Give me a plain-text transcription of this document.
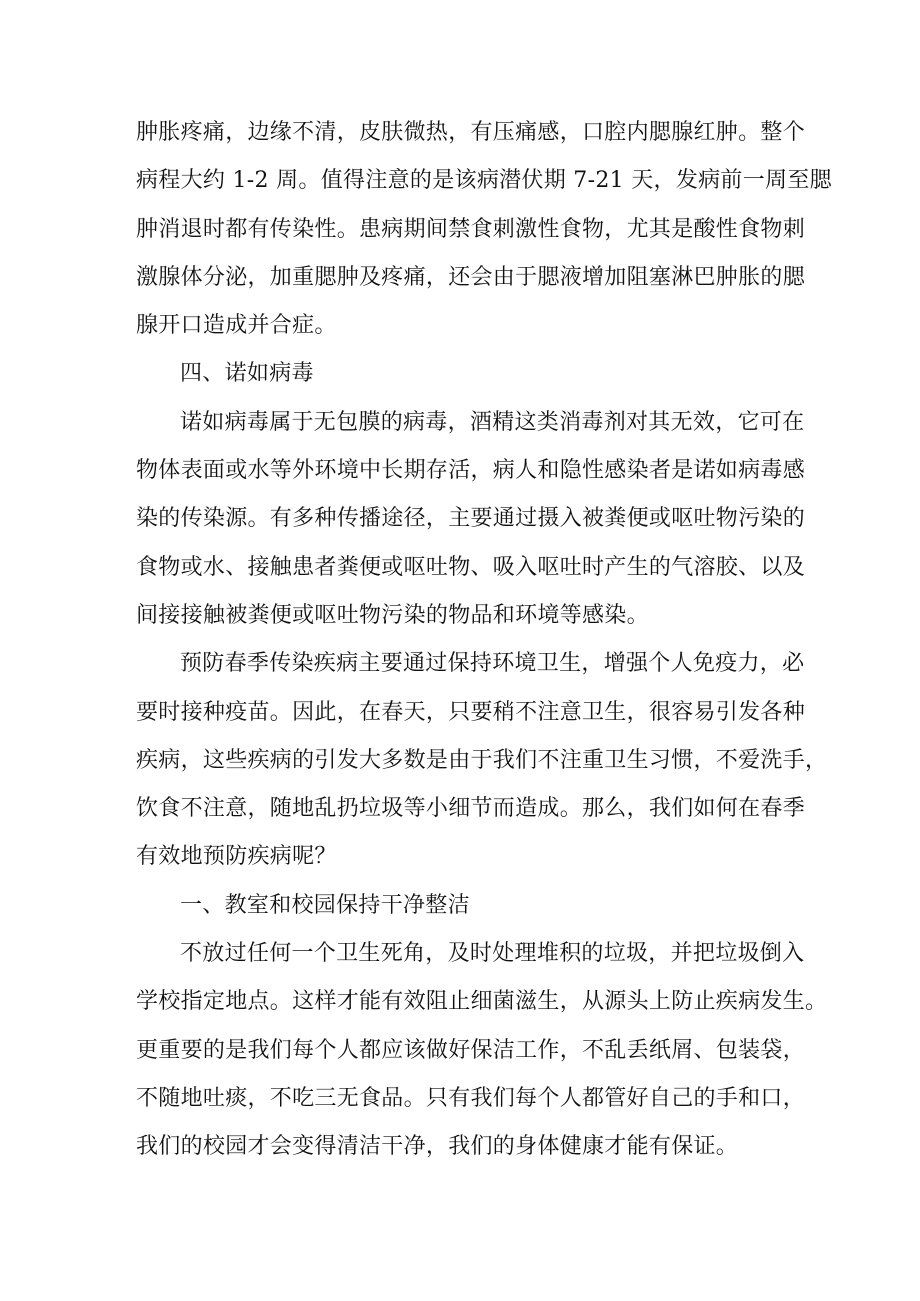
肿胀疼痛，边缘不清，皮肤微热，有压痛感，口腔内腮腺红肿。整个
病程大约 1-2 周。值得注意的是该病潜伏期 7-21 天，发病前一周至腮
肿消退时都有传染性。患病期间禁食刺激性食物，尤其是酸性食物刺
激腺体分泌，加重腮肿及疼痛，还会由于腮液增加阻塞淋巴肿胀的腮
腺开口造成并合症。
四、诺如病毒
诺如病毒属于无包膜的病毒，酒精这类消毒剂对其无效，它可在
物体表面或水等外环境中长期存活，病人和隐性感染者是诺如病毒感
染的传染源。有多种传播途径，主要通过摄入被粪便或呕吐物污染的
食物或水、接触患者粪便或呕吐物、吸入呕吐时产生的气溶胶、以及
间接接触被粪便或呕吐物污染的物品和环境等感染。
预防春季传染疾病主要通过保持环境卫生，增强个人免疫力，必
要时接种疫苗。因此，在春天，只要稍不注意卫生，很容易引发各种
疾病，这些疾病的引发大多数是由于我们不注重卫生习惯，不爱洗手，
饮食不注意，随地乱扔垃圾等小细节而造成。那么，我们如何在春季
有效地预防疾病呢？
一、教室和校园保持干净整洁
不放过任何一个卫生死角，及时处理堆积的垃圾，并把垃圾倒入
学校指定地点。这样才能有效阻止细菌滋生，从源头上防止疾病发生。
更重要的是我们每个人都应该做好保洁工作，不乱丢纸屑、包装袋，
不随地吐痰，不吃三无食品。只有我们每个人都管好自己的手和口，
我们的校园才会变得清洁干净，我们的身体健康才能有保证。
